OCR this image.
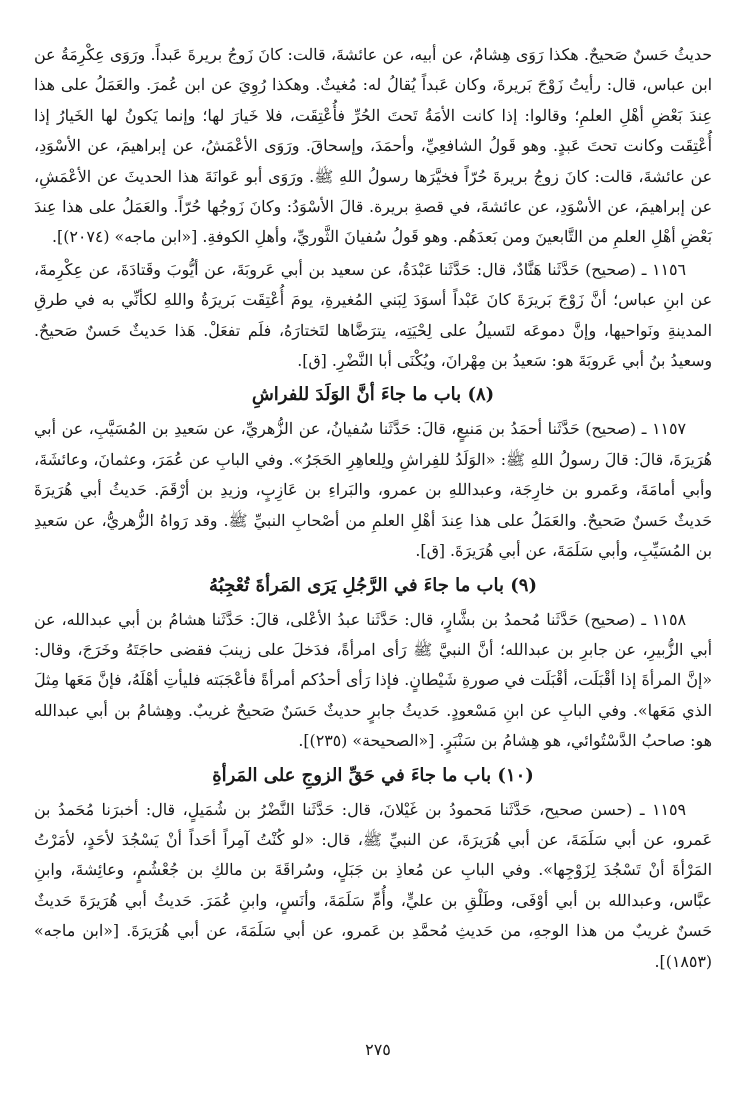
حديثُ حَسنٌ صَحيحٌ. هكذا رَوَى هِشامٌ، عن أبيه، عن عائشةَ، قالت: كانَ زَوجُ بريرةَ عَبداً. ورَوَى عِكْرِمَةُ عن ابن عباس، قال: رأيتُ زَوْجَ بَريرةَ، وكان عَبداً يُقالُ له: مُغيثٌ. وهكذا رُوِيَ عن ابن عُمرَ. والعَمَلُ على هذا عِندَ بَعْضِ أهْلِ العلمِ؛ وقالوا: إذا كانت الأمَةُ تَحتَ الحُرِّ فأُعْتِقَت، فلا خَيارَ لها؛ وإنما يَكونُ لها الخَيارُ إذا أُعْتِقَت وكانت تحتَ عَبدٍ. وهو قَولُ الشافعِيِّ، وأحمَدَ، وإسحاقَ. ورَوَى الأعْمَشُ، عن إبراهيمَ، عن الأسْوَدِ، عن عائشةَ، قالت: كانَ زوجُ بريرةَ حُرّاً فخيَّرَها رسولُ اللهِ ﷺ. ورَوَى أبو عَوانَةَ هذا الحديثَ عن الأعْمَشِ، عن إبراهيمَ، عن الأسْوَدِ، عن عائشةَ، في قصةِ بريرة. قالَ الأسْوَدُ: وكانَ زَوجُها حُرّاً. والعَمَلُ على هذا عِندَ بَعْضِ أهْلِ العلمِ من التَّابعينَ ومن بَعدَهُم. وهو قَولُ سُفيانَ الثَّوريِّ، وأهلِ الكوفةِ. [«ابن ماجه» (٢٠٧٤)].

١١٥٦ ـ (صحيح) حَدَّثَنا هَنَّادٌ، قال: حَدَّثَنا عَبْدَةُ، عن سعيد بن أبي عَروبَةَ، عن أيُّوبَ وقَتادَةَ، عن عِكْرِمةَ، عن ابنِ عباس؛ أنَّ زَوْجَ بَريرَةَ كانَ عَبْداً أسوَدَ لِبَني المُغيرةِ، يومَ أُعْتِقَت بَريرَةُ واللهِ لكأنِّي به في طرقِ المدينةِ ونَواحيها، وإنَّ دموعَه لتَسيلُ على لِحْيَتِه، يترَضَّاها لتَختارَهُ، فلَم تفعَلْ. هَذا حَديثٌ حَسنٌ صَحيحٌ. وسعيدُ بنُ أبي عَروبَةَ هو: سَعيدُ بن مِهْرانَ، ويُكْنَى أبا النَّضْرِ. [ق].

(٨) باب ما جاءَ أنَّ الوَلَدَ للفراشِ

١١٥٧ ـ (صحيح) حَدَّثَنا أحمَدُ بن مَنيعٍ، قالَ: حَدَّثَنا سُفيانُ، عن الزُّهريِّ، عن سَعيدِ بن المُسَيَّبِ، عن أبي هُرَيرَةَ، قالَ: قالَ رسولُ اللهِ ﷺ: «الوَلَدُ للفِراشِ ولِلعاهِرِ الحَجَرُ». وفي البابِ عن عُمَرَ، وعثمانَ، وعائشَةَ، وأبي أمامَةَ، وعَمرو بن خارِجَة، وعبداللهِ بن عمرو، والبَراءِ بن عَازِبٍ، وزيدِ بن أرْقَمَ. حَديثُ أبي هُرَيرَةَ حَديثٌ حَسنٌ صَحيحٌ. والعَمَلُ على هذا عِندَ أهْلِ العلمِ من أصْحابِ النبيِّ ﷺ. وقد رَواهُ الزُّهريُّ، عن سَعيدِ بن المُسَيِّبِ، وأبي سَلَمَةَ، عن أبي هُرَيرَةَ. [ق].

(٩) باب ما جاءَ في الرَّجُلِ يَرَى المَرأةَ تُعْجِبُهُ

١١٥٨ ـ (صحيح) حَدَّثَنا مُحمدُ بن بشَّارٍ، قال: حَدَّثَنا عبدُ الأعْلى، قالَ: حَدَّثَنا هشامُ بن أبي عبدالله، عن أبي الزُّبيرِ، عن جابرِ بن عبدالله؛ أنَّ النبيَّ ﷺ رَأى امرأةً، فدَخلَ على زينبَ فقضى حاجَتَهُ وخَرَجَ، وقال: «إنَّ المرأةَ إذا أقْبَلَت، أقْبَلَت في صورةِ شَيْطانٍ. فإذا رَأى أحدُكم أمرأةً فأعْجَبَته فليأتِ أهْلَهُ، فإنَّ مَعَها مِثلَ الذي مَعَها». وفي البابِ عن ابنِ مَسْعودٍ. حَديثُ جابرٍ حديثٌ حَسَنٌ صَحيحٌ غريبٌ. وهِشامُ بن أبي عبدالله هو: صاحبُ الدَّسْتُوائي، هو هِشامُ بن سَنْبَرٍ. [«الصحيحة» (٢٣٥)].

(١٠) باب ما جاءَ في حَقِّ الزوجِ على المَرأةِ

١١٥٩ ـ (حسن صحيح، حَدَّثَنا مَحمودُ بن غَيْلانَ، قال: حَدَّثَنا النَّضْرُ بن شُمَيلٍ، قال: أخبرَنا مُحَمدُ بن عَمرو، عن أبي سَلَمَةَ، عن أبي هُرَيرَةَ، عن النبيِّ ﷺ، قال: «لو كُنْتُ آمِراً أحَداً أنْ يَسْجُدَ لأحَدٍ، لأمَرْتُ المَرْأةَ أنْ تَسْجُدَ لِزَوْجِها». وفي البابِ عن مُعاذِ بن جَبَلٍ، وسُراقَةَ بن مالكِ بن جُعْشُمٍ، وعائِشةَ، وابنِ عبَّاس، وعبدالله بن أبي أوْفَى، وطَلْقِ بن عليٍّ، وأُمِّ سَلَمَةَ، وأنَسٍ، وابنِ عُمَرَ. حَديثُ أبي هُرَيرَةَ حَديثٌ حَسنٌ غريبٌ من هذا الوجهِ، من حَديثِ مُحمَّدِ بن عَمرو، عن أبي سَلَمَةَ، عن أبي هُرَيرَةَ. [«ابن ماجه» (١٨٥٣)].

٢٧٥
